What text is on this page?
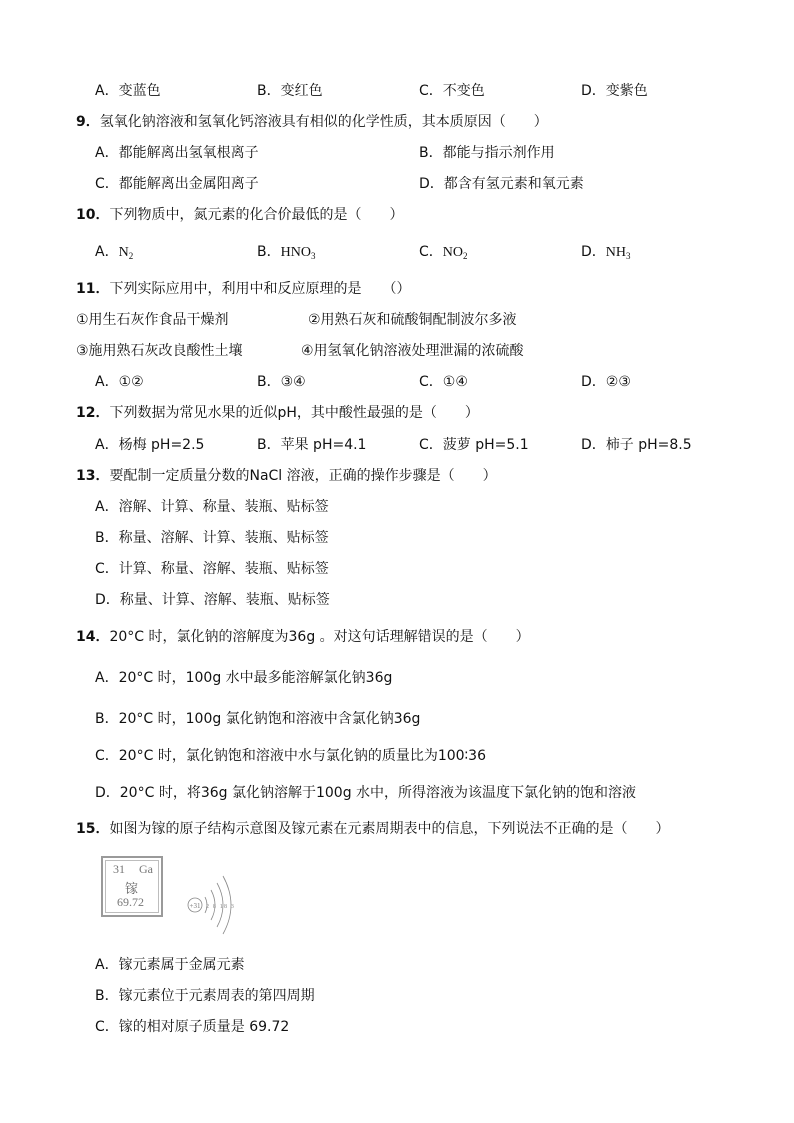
A．变蓝色	B．变红色	C．不变色	D．变紫色
9．氢氧化钠溶液和氢氧化钙溶液具有相似的化学性质，其本质原因（　　）
A．都能解离出氢氧根离子	B．都能与指示剂作用
C．都能解离出金属阳离子	D．都含有氢元素和氧元素
10．下列物质中，氮元素的化合价最低的是（　　）
A．$N_2$	B．$HNO_3$	C．$NO_2$	D．$NH_3$
11．下列实际应用中，利用中和反应原理的是　　（）
①用生石灰作食品干燥剂	②用熟石灰和硫酸铜配制波尔多液
③施用熟石灰改良酸性土壤	④用氢氧化钠溶液处理泄漏的浓硫酸
A．①②	B．③④	C．①④	D．②③
12．下列数据为常见水果的近似pH，其中酸性最强的是（　　）
A．杨梅 pH=2.5	B．苹果 pH=4.1	C．菠萝 pH=5.1	D．柿子 pH=8.5
13．要配制一定质量分数的NaCl 溶液，正确的操作步骤是（　　）
A．溶解、计算、称量、装瓶、贴标签
B．称量、溶解、计算、装瓶、贴标签
C．计算、称量、溶解、装瓶、贴标签
D．称量、计算、溶解、装瓶、贴标签
14．20°C 时，氯化钠的溶解度为36g 。对这句话理解错误的是（　　）
A．20°C 时，100g 水中最多能溶解氯化钠36g
B．20°C 时，100g 氯化钠饱和溶液中含氯化钠36g
C．20°C 时，氯化钠饱和溶液中水与氯化钠的质量比为100∶36
D．20°C 时，将36g 氯化钠溶解于100g 水中，所得溶液为该温度下氯化钠的饱和溶液
15．如图为镓的原子结构示意图及镓元素在元素周期表中的信息，下列说法不正确的是（　　）
31 Ga
镓
69.72	+31 2 8 18 3
A．镓元素属于金属元素
B．镓元素位于元素周表的第四周期
C．镓的相对原子质量是 69.72
